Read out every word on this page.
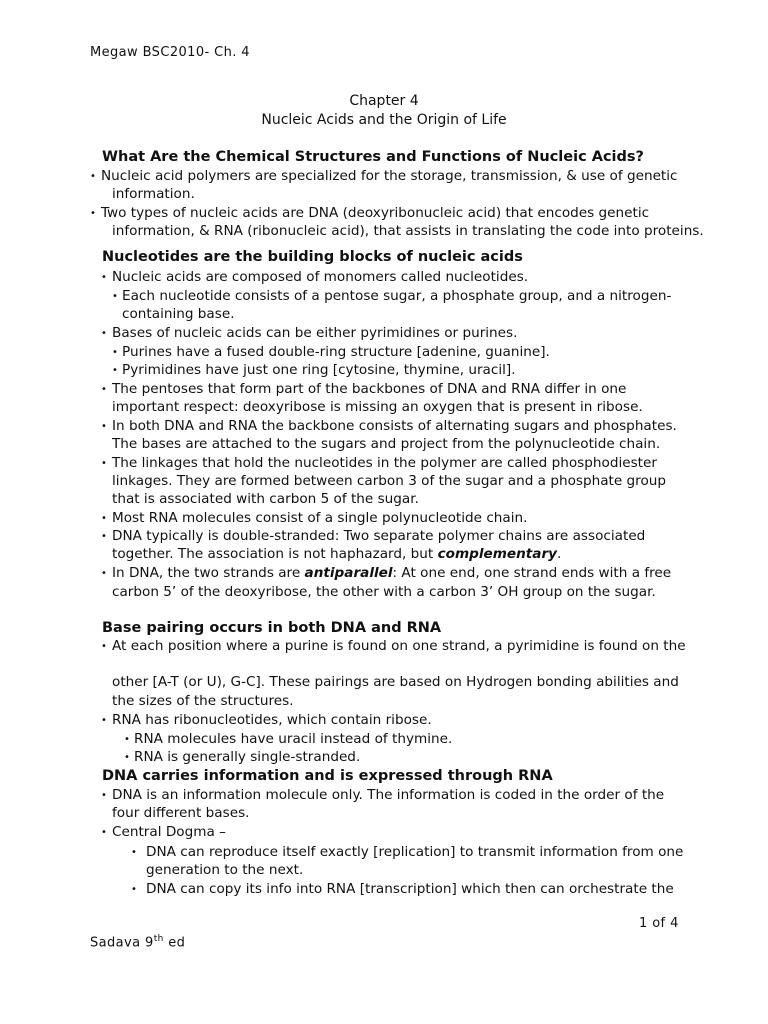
Megaw BSC2010- Ch. 4
Chapter 4
Nucleic Acids and the Origin of Life
What Are the Chemical Structures and Functions of Nucleic Acids?
• Nucleic acid polymers are specialized for the storage, transmission, & use of genetic
information.
• Two types of nucleic acids are DNA (deoxyribonucleic acid) that encodes genetic
information, & RNA (ribonucleic acid), that assists in translating the code into proteins.
Nucleotides are the building blocks of nucleic acids
• Nucleic acids are composed of monomers called nucleotides.
• Each nucleotide consists of a pentose sugar, a phosphate group, and a nitrogen-
containing base.
• Bases of nucleic acids can be either pyrimidines or purines.
• Purines have a fused double-ring structure [adenine, guanine].
• Pyrimidines have just one ring [cytosine, thymine, uracil].
• The pentoses that form part of the backbones of DNA and RNA differ in one
important respect: deoxyribose is missing an oxygen that is present in ribose.
• In both DNA and RNA the backbone consists of alternating sugars and phosphates.
The bases are attached to the sugars and project from the polynucleotide chain.
• The linkages that hold the nucleotides in the polymer are called phosphodiester
linkages. They are formed between carbon 3 of the sugar and a phosphate group
that is associated with carbon 5 of the sugar.
• Most RNA molecules consist of a single polynucleotide chain.
• DNA typically is double-stranded: Two separate polymer chains are associated
together. The association is not haphazard, but complementary.
• In DNA, the two strands are antiparallel: At one end, one strand ends with a free
carbon 5’ of the deoxyribose, the other with a carbon 3’ OH group on the sugar.
Base pairing occurs in both DNA and RNA
• At each position where a purine is found on one strand, a pyrimidine is found on the
other [A-T (or U), G-C]. These pairings are based on Hydrogen bonding abilities and
the sizes of the structures.
• RNA has ribonucleotides, which contain ribose.
• RNA molecules have uracil instead of thymine.
• RNA is generally single-stranded.
DNA carries information and is expressed through RNA
• DNA is an information molecule only. The information is coded in the order of the
four different bases.
• Central Dogma –
• DNA can reproduce itself exactly [replication] to transmit information from one
generation to the next.
• DNA can copy its info into RNA [transcription] which then can orchestrate the
1 of 4
Sadava 9th ed
